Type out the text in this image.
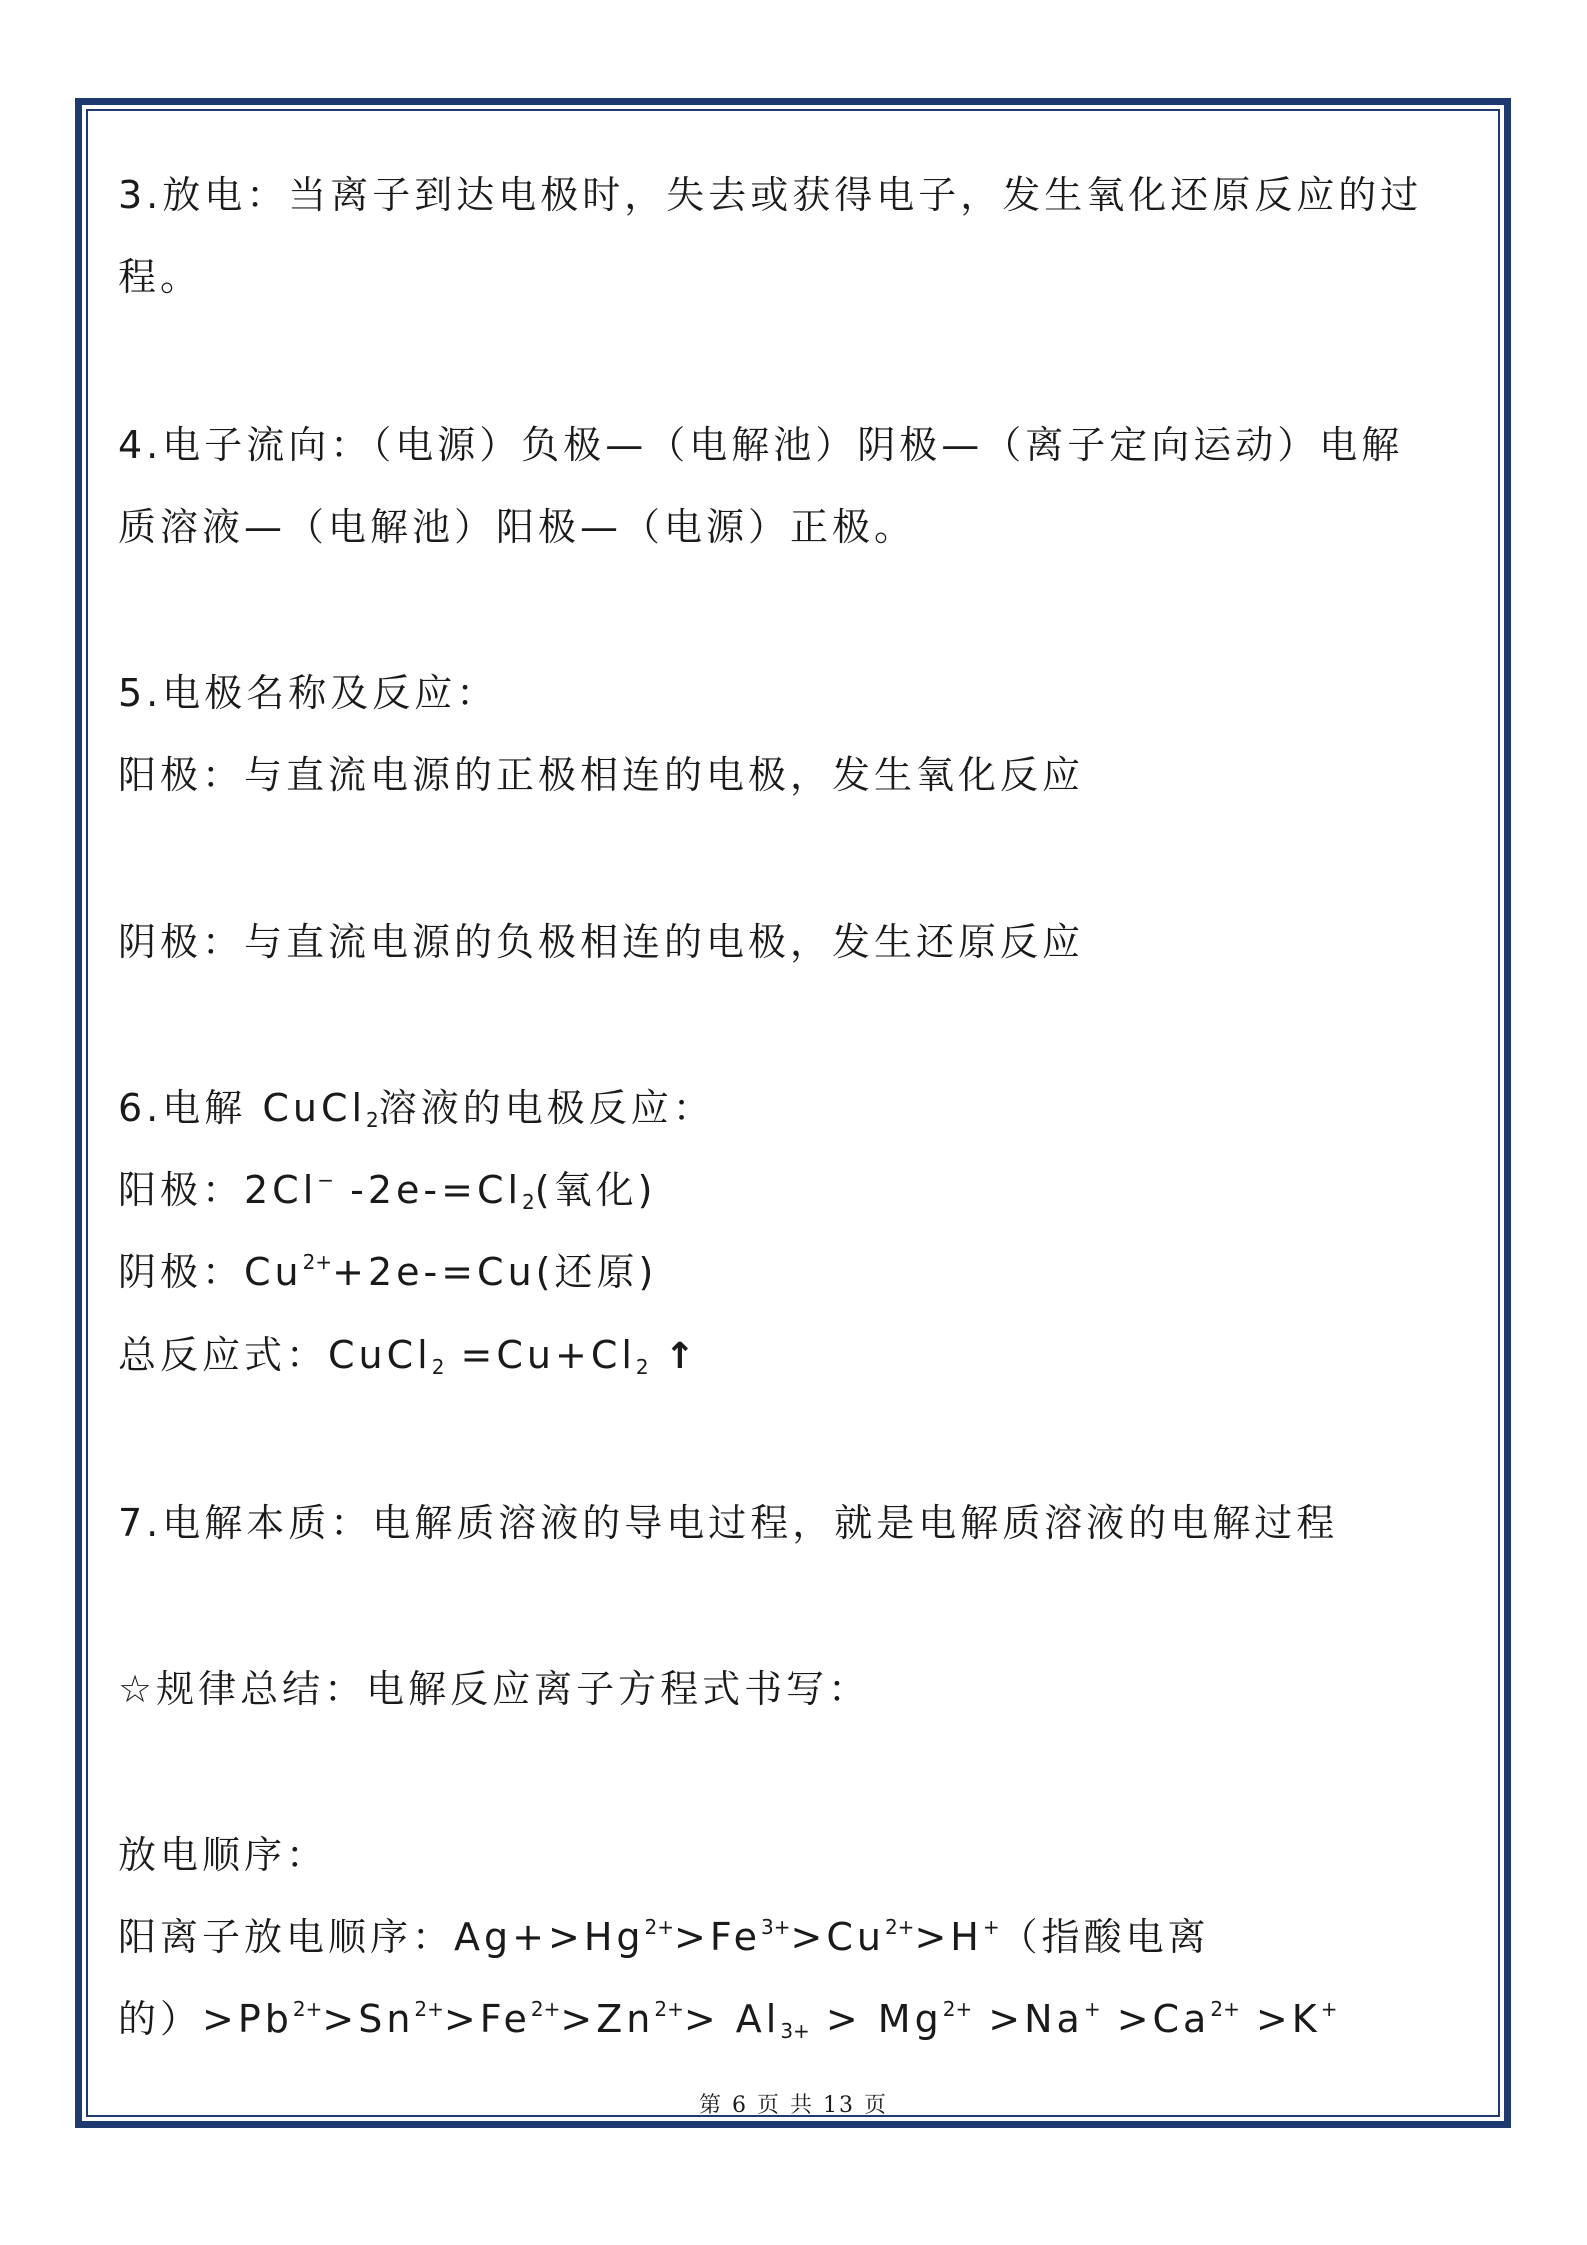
3.放电：当离子到达电极时，失去或获得电子，发生氧化还原反应的过
程。
4.电子流向：（电源）负极—（电解池）阴极—（离子定向运动）电解
质溶液—（电解池）阳极—（电源）正极。
5.电极名称及反应：
阳极：与直流电源的正极相连的电极，发生氧化反应
阴极：与直流电源的负极相连的电极，发生还原反应
6.电解 CuCl$_2$溶液的电极反应：
阳极：2Cl− $-2e-=Cl_2$(氧化)
阴极：$Cu^{2+}+2e-=Cu$(还原)
总反应式：CuCl$_2$ $=Cu+Cl_2$ ↑
7.电解本质：电解质溶液的导电过程，就是电解质溶液的电解过程
☆规律总结：电解反应离子方程式书写：
放电顺序：
阳离子放电顺序：$Ag+>Hg^{2+}>Fe^{3+}>Cu^{2+}>H^+$（指酸电离
的）$>Pb^{2+}>Sn^{2+}>Fe^{2+}>Zn^{2+}> Al_{3+} > Mg^{2+} >Na^+ >Ca^{2+} >K^+$
第 6 页 共 13 页
